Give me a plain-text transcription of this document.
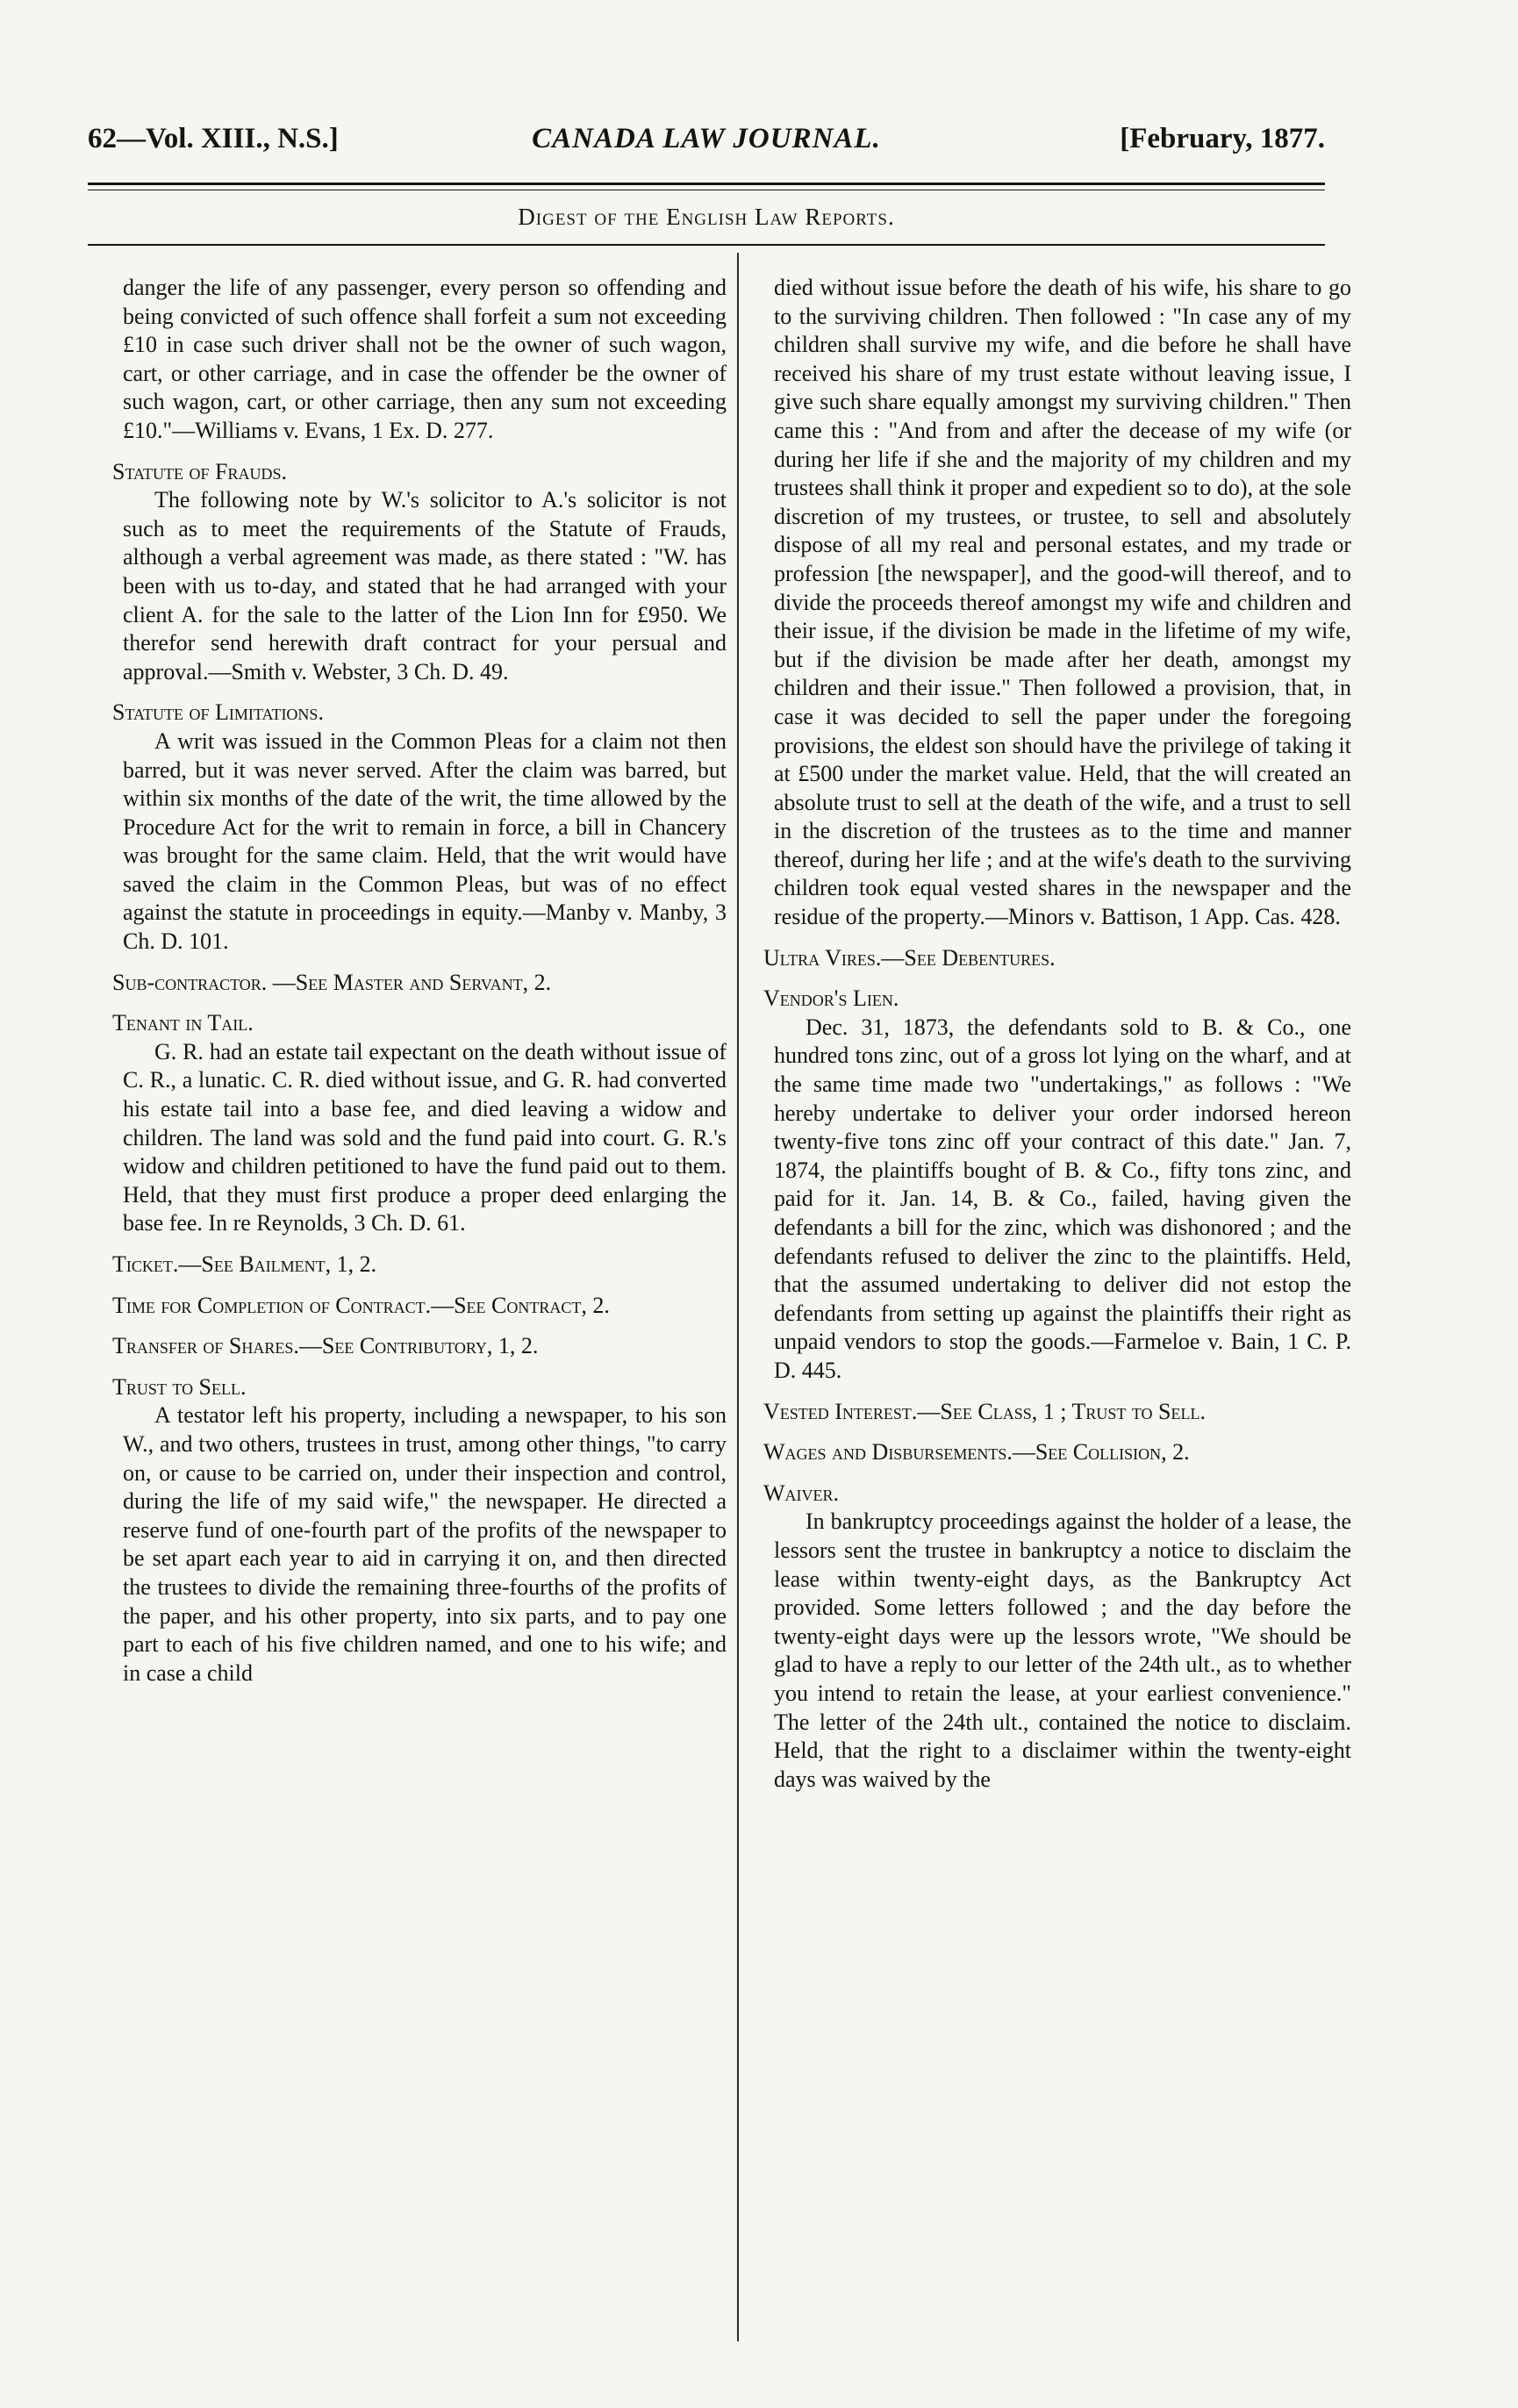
62—Vol. XIII., N.S.]	CANADA LAW JOURNAL.	[February, 1877.
Digest of the English Law Reports.

danger the life of any passenger, every person so offending and being convicted of such offence shall forfeit a sum not exceeding £10 in case such driver shall not be the owner of such wagon, cart, or other carriage, and in case the offender be the owner of such wagon, cart, or other carriage, then any sum not exceeding £10."—Williams v. Evans, 1 Ex. D. 277.

Statute of Frauds.

The following note by W.'s solicitor to A.'s solicitor is not such as to meet the requirements of the Statute of Frauds, although a verbal agreement was made, as there stated : "W. has been with us to-day, and stated that he had arranged with your client A. for the sale to the latter of the Lion Inn for £950. We therefor send herewith draft contract for your persual and approval.—Smith v. Webster, 3 Ch. D. 49.

Statute of Limitations.

A writ was issued in the Common Pleas for a claim not then barred, but it was never served. After the claim was barred, but within six months of the date of the writ, the time allowed by the Procedure Act for the writ to remain in force, a bill in Chancery was brought for the same claim. Held, that the writ would have saved the claim in the Common Pleas, but was of no effect against the statute in proceedings in equity.—Manby v. Manby, 3 Ch. D. 101.

Sub-contractor. —See Master and Servant, 2.

Tenant in Tail.

G. R. had an estate tail expectant on the death without issue of C. R., a lunatic. C. R. died without issue, and G. R. had converted his estate tail into a base fee, and died leaving a widow and children. The land was sold and the fund paid into court. G. R.'s widow and children petitioned to have the fund paid out to them. Held, that they must first produce a proper deed enlarging the base fee. In re Reynolds, 3 Ch. D. 61.

Ticket.—See Bailment, 1, 2.

Time for Completion of Contract.—See Contract, 2.

Transfer of Shares.—See Contributory, 1, 2.

Trust to Sell.

A testator left his property, including a newspaper, to his son W., and two others, trustees in trust, among other things, "to carry on, or cause to be carried on, under their inspection and control, during the life of my said wife," the newspaper. He directed a reserve fund of one-fourth part of the profits of the newspaper to be set apart each year to aid in carrying it on, and then directed the trustees to divide the remaining three-fourths of the profits of the paper, and his other property, into six parts, and to pay one part to each of his five children named, and one to his wife; and in case a child

died without issue before the death of his wife, his share to go to the surviving children. Then followed : "In case any of my children shall survive my wife, and die before he shall have received his share of my trust estate without leaving issue, I give such share equally amongst my surviving children." Then came this : "And from and after the decease of my wife (or during her life if she and the majority of my children and my trustees shall think it proper and expedient so to do), at the sole discretion of my trustees, or trustee, to sell and absolutely dispose of all my real and personal estates, and my trade or profession [the newspaper], and the good-will thereof, and to divide the proceeds thereof amongst my wife and children and their issue, if the division be made in the lifetime of my wife, but if the division be made after her death, amongst my children and their issue." Then followed a provision, that, in case it was decided to sell the paper under the foregoing provisions, the eldest son should have the privilege of taking it at £500 under the market value. Held, that the will created an absolute trust to sell at the death of the wife, and a trust to sell in the discretion of the trustees as to the time and manner thereof, during her life ; and at the wife's death to the surviving children took equal vested shares in the newspaper and the residue of the property.—Minors v. Battison, 1 App. Cas. 428.

Ultra Vires.—See Debentures.

Vendor's Lien.

Dec. 31, 1873, the defendants sold to B. & Co., one hundred tons zinc, out of a gross lot lying on the wharf, and at the same time made two "undertakings," as follows : "We hereby undertake to deliver your order indorsed hereon twenty-five tons zinc off your contract of this date." Jan. 7, 1874, the plaintiffs bought of B. & Co., fifty tons zinc, and paid for it. Jan. 14, B. & Co., failed, having given the defendants a bill for the zinc, which was dishonored ; and the defendants refused to deliver the zinc to the plaintiffs. Held, that the assumed undertaking to deliver did not estop the defendants from setting up against the plaintiffs their right as unpaid vendors to stop the goods.—Farmeloe v. Bain, 1 C. P. D. 445.

Vested Interest.—See Class, 1 ; Trust to Sell.

Wages and Disbursements.—See Collision, 2.

Waiver.

In bankruptcy proceedings against the holder of a lease, the lessors sent the trustee in bankruptcy a notice to disclaim the lease within twenty-eight days, as the Bankruptcy Act provided. Some letters followed ; and the day before the twenty-eight days were up the lessors wrote, "We should be glad to have a reply to our letter of the 24th ult., as to whether you intend to retain the lease, at your earliest convenience." The letter of the 24th ult., contained the notice to disclaim. Held, that the right to a disclaimer within the twenty-eight days was waived by the
